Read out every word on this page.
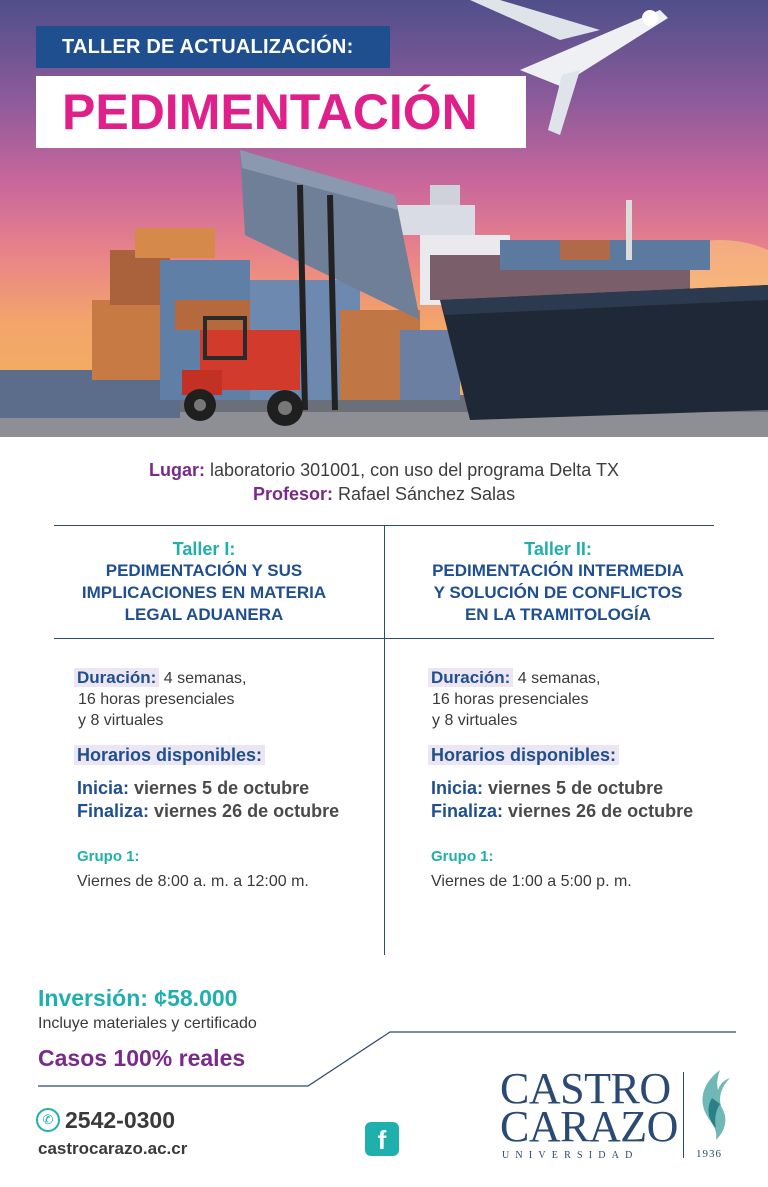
TALLER DE ACTUALIZACIÓN:
PEDIMENTACIÓN
Lugar: laboratorio 301001, con uso del programa Delta TX
Profesor: Rafael Sánchez Salas
Taller I:
PEDIMENTACIÓN Y SUS
IMPLICACIONES EN MATERIA
LEGAL ADUANERA
Taller II:
PEDIMENTACIÓN INTERMEDIA
Y SOLUCIÓN DE CONFLICTOS
EN LA TRAMITOLOGÍA
Duración: 4 semanas,
16 horas presenciales
y 8 virtuales
Horarios disponibles:
Inicia: viernes 5 de octubre
Finaliza: viernes 26 de octubre
Grupo 1:
Viernes de 8:00 a. m. a 12:00 m.
Duración: 4 semanas,
16 horas presenciales
y 8 virtuales
Horarios disponibles:
Inicia: viernes 5 de octubre
Finaliza: viernes 26 de octubre
Grupo 1:
Viernes de 1:00 a 5:00 p. m.
Inversión: ¢58.000
Incluye materiales y certificado
Casos 100% reales
✆ 2542-0300
castrocarazo.ac.cr	f
CASTRO
CARAZO
UNIVERSIDAD	1936
